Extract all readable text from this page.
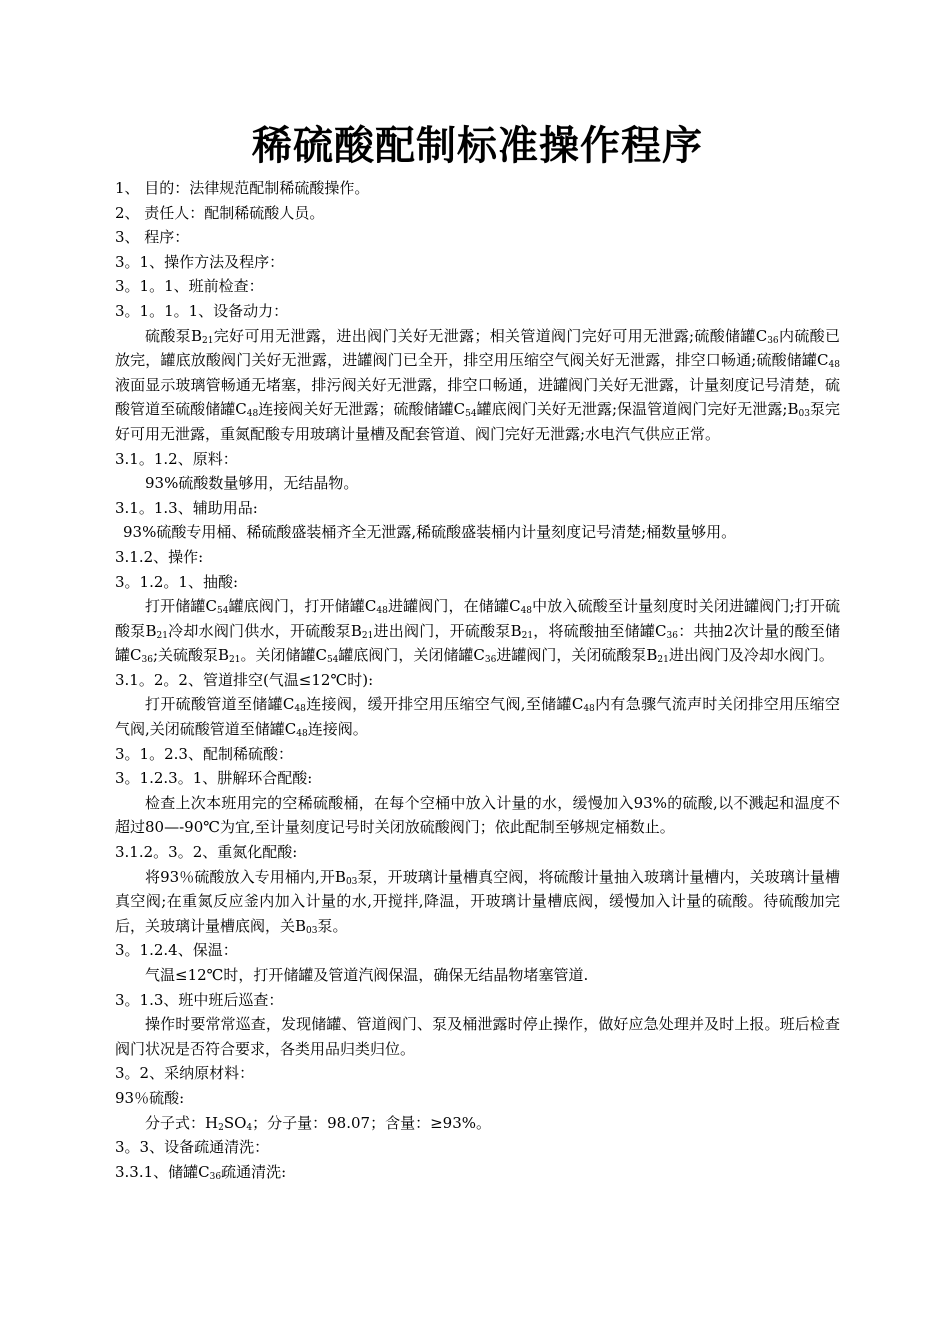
稀硫酸配制标准操作程序
1、 目的：法律规范配制稀硫酸操作。
2、 责任人：配制稀硫酸人员。
3、 程序：
3。1、操作方法及程序：
3。1。1、班前检查：
3。1。1。1、设备动力：
硫酸泵$B_{21}$完好可用无泄露，进出阀门关好无泄露；相关管道阀门完好可用无泄露;硫酸储罐$C_{36}$内硫酸已放完，罐底放酸阀门关好无泄露，进罐阀门已全开，排空用压缩空气阀关好无泄露，排空口畅通;硫酸储罐$C_{48}$液面显示玻璃管畅通无堵塞，排污阀关好无泄露，排空口畅通，进罐阀门关好无泄露，计量刻度记号清楚，硫酸管道至硫酸储罐$C_{48}$连接阀关好无泄露；硫酸储罐$C_{54}$罐底阀门关好无泄露;保温管道阀门完好无泄露$;B_{03}$泵完好可用无泄露，重氮配酸专用玻璃计量槽及配套管道、阀门完好无泄露;水电汽气供应正常。
3.1。1.2、原料：
93%硫酸数量够用，无结晶物。
3.1。1.3、辅助用品:
93%硫酸专用桶、稀硫酸盛装桶齐全无泄露,稀硫酸盛装桶内计量刻度记号清楚;桶数量够用。
3.1.2、操作:
3。1.2。1、抽酸:
打开储罐$C_{54}$罐底阀门，打开储罐$C_{48}$进罐阀门，在储罐$C_{48}$中放入硫酸至计量刻度时关闭进罐阀门;打开硫酸泵$B_{21}$冷却水阀门供水，开硫酸泵$B_{21}$进出阀门，开硫酸泵$B_{21}$，将硫酸抽至储罐$C_{36}$：共抽2次计量的酸至储罐$C_{36}$;关硫酸泵$B_{21}$。关闭储罐$C_{54}$罐底阀门，关闭储罐$C_{36}$进罐阀门，关闭硫酸泵$B_{21}$进出阀门及冷却水阀门。
3.1。2。2、管道排空(气温≤12℃时):
打开硫酸管道至储罐$C_{48}$连接阀，缓开排空用压缩空气阀,至储罐$C_{48}$内有急骤气流声时关闭排空用压缩空气阀,关闭硫酸管道至储罐$C_{48}$连接阀。
3。1。2.3、配制稀硫酸：
3。1.2.3。1、肼解环合配酸:
检查上次本班用完的空稀硫酸桶，在每个空桶中放入计量的水，缓慢加入93%的硫酸,以不溅起和温度不超过80—-90℃为宜,至计量刻度记号时关闭放硫酸阀门；依此配制至够规定桶数止。
3.1.2。3。2、重氮化配酸:
将93％硫酸放入专用桶内,开$B_{03}$泵，开玻璃计量槽真空阀，将硫酸计量抽入玻璃计量槽内，关玻璃计量槽真空阀;在重氮反应釜内加入计量的水,开搅拌,降温，开玻璃计量槽底阀，缓慢加入计量的硫酸。待硫酸加完后，关玻璃计量槽底阀，关$B_{03}$泵。
3。1.2.4、保温：
气温≤12℃时，打开储罐及管道汽阀保温，确保无结晶物堵塞管道.
3。1.3、班中班后巡查：
操作时要常常巡查，发现储罐、管道阀门、泵及桶泄露时停止操作，做好应急处理并及时上报。班后检查阀门状况是否符合要求，各类用品归类归位。
3。2、采纳原材料：
93％硫酸:
分子式：$H_2SO_4$；分子量：98.07；含量：≥93%。
3。3、设备疏通清洗：
3.3.1、储罐$C_{36}$疏通清洗:
